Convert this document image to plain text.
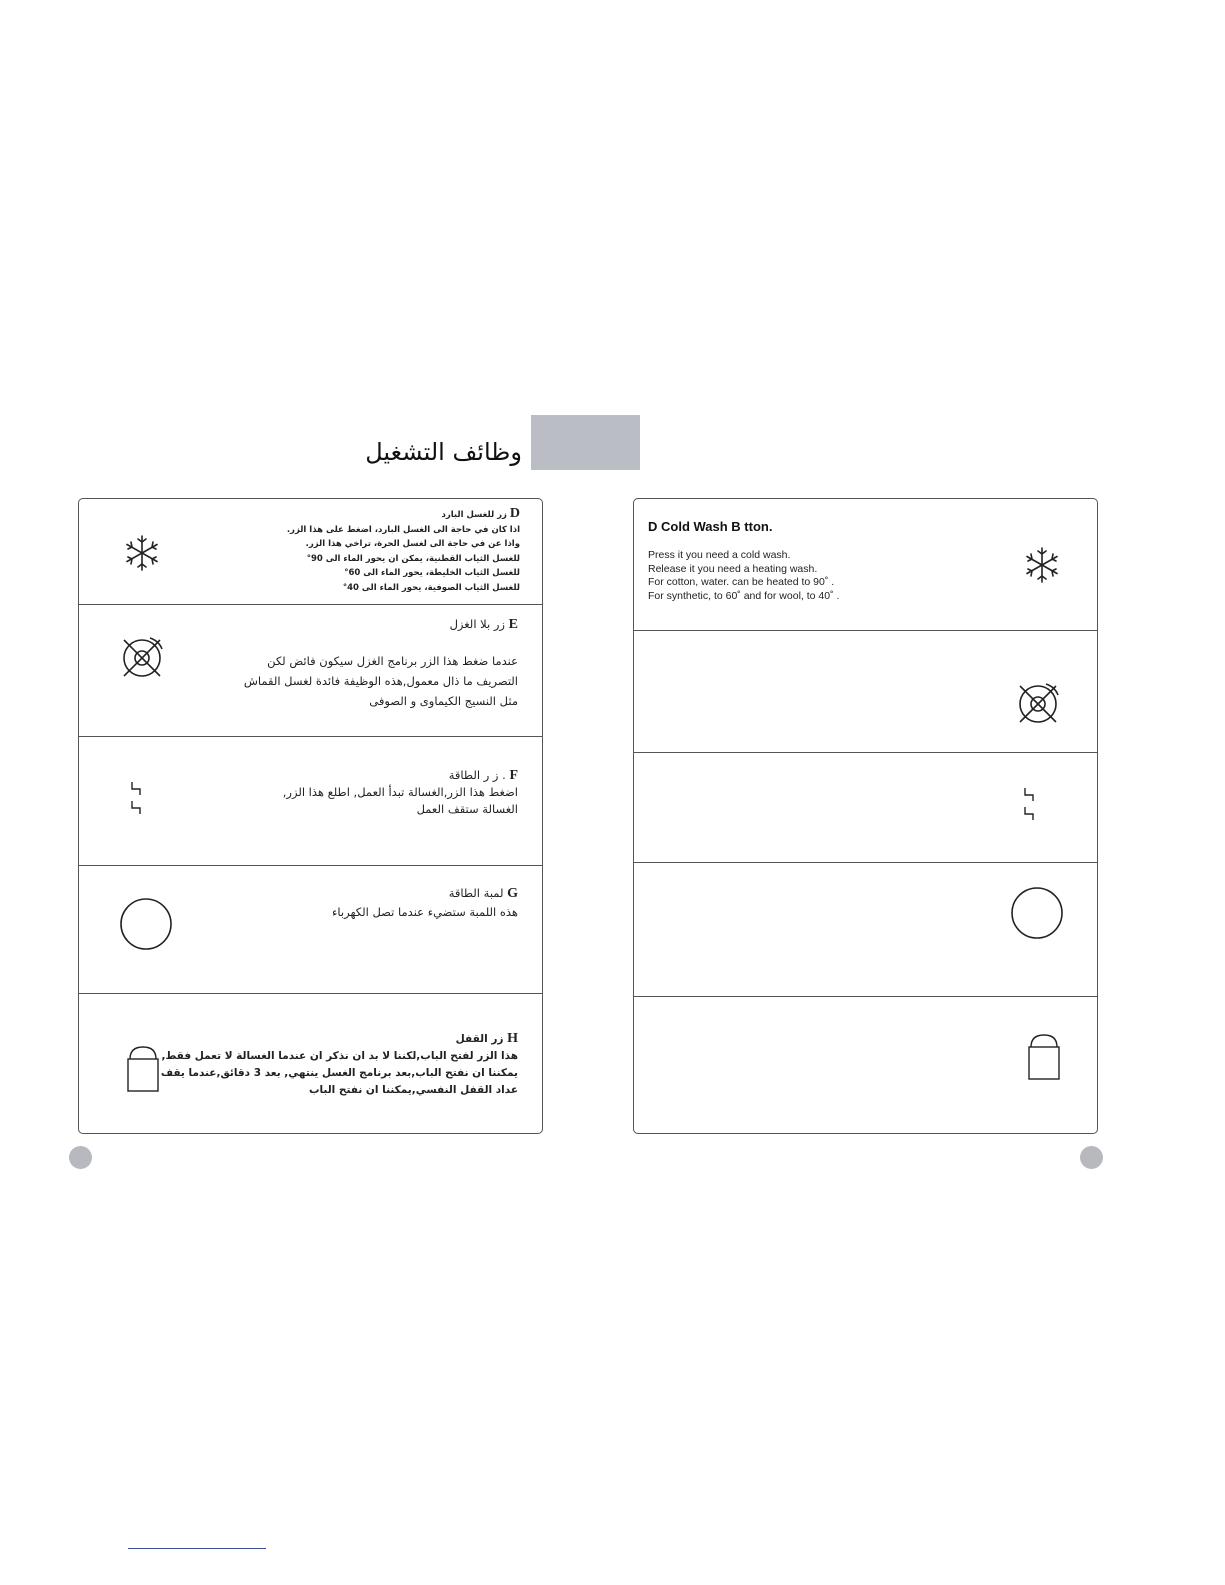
وظائف التشغيل
D زر للغسل البارد
اذا كان في حاجة الى الغسل البارد، اضغط على هذا الزر.
واذا عن في حاجة الى لغسل الحرة، تراخي هذا الزر.
للغسل الثياب القطنية، يمكن ان يحور الماء الى 90°
للغسل الثياب الخليطة، يحور الماء الى 60°
للغسل الثياب الصوفية، يحور الماء الى 40°
E زر بلا الغزل
عندما ضغط هذا الزر برنامج الغزل سيكون فائض لكن
التصريف ما ذال معمول,هذه الوظيفة فائدة لغسل القماش
مثل النسيج الكيماوى و الصوفى
F . ز ر الطاقة
اضغط هذا الزر,الغسالة تبدأ العمل, اطلع هذا الزر,
الغسالة ستقف العمل
G لمبة الطاقة
هذه اللمبة ستضيء عندما تصل الكهرباء
H زر القفل
هذا الزر لفتح الباب,لكننا لا بد ان نذكر ان عندما الغسالة لا تعمل فقط,
يمكننا ان نفتح الباب,بعد برنامج الغسل ينتهي, بعد 3 دقائق,عندما يقف
عداد القفل النفسي,يمكننا ان نفتح الباب
D Cold Wash B tton.
Press it you need a cold wash.
Release it you need a heating wash.
For cotton, water. can be heated to 90˚ .
For synthetic, to 60˚ and for wool, to 40˚ .
